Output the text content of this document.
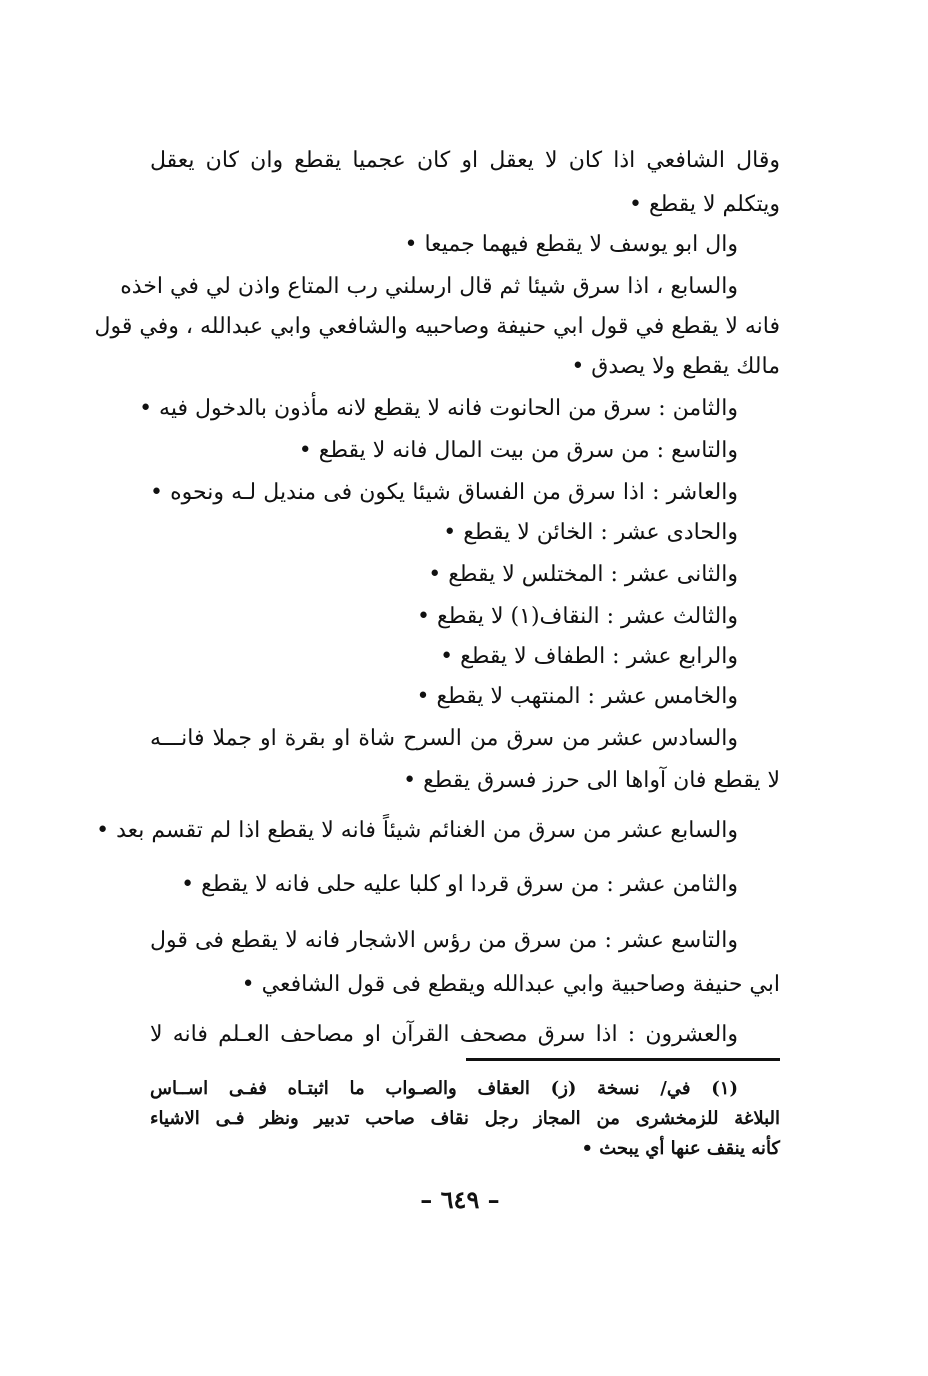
وقال الشافعي اذا كان لا يعقل او كان عجميا يقطع وان كان يعقل
ويتكلم لا يقطع •
وال ابو يوسف لا يقطع فيهما جميعا •
والسابع ، اذا سرق شيئا ثم قال ارسلني رب المتاع واذن لي في اخذه
فانه لا يقطع في قول ابي حنيفة وصاحبيه والشافعي وابي عبدالله ، وفي قول
مالك يقطع ولا يصدق •
والثامن : سرق من الحانوت فانه لا يقطع لانه مأذون بالدخول فيه •
والتاسع : من سرق من بيت المال فانه لا يقطع •
والعاشر : اذا سرق من الفساق شيئا يكون فى منديل لـه ونحوه •
والحادى عشر : الخائن لا يقطع •
والثانى عشر : المختلس لا يقطع •
والثالث عشر : النقاف(١) لا يقطع •
والرابع عشر : الطفاف لا يقطع •
والخامس عشر : المنتهب لا يقطع •
والسادس عشر من سرق من السرح شاة او بقرة او جملا فانـــه
لا يقطع فان آواها الى حرز فسرق يقطع •
والسابع عشر من سرق من الغنائم شيئاً فانه لا يقطع اذا لم تقسم بعد •
والثامن عشر : من سرق قردا او كلبا عليه حلى فانه لا يقطع •
والتاسع عشر : من سرق من رؤس الاشجار فانه لا يقطع فى قول
ابي حنيفة وصاحبية وابي عبدالله ويقطع فى قول الشافعي •
والعشرون : اذا سرق مصحف القرآن او مصاحف العـلم فانه لا
(١) في/ نسخة (ز) العقاف والصـواب ما اثبتـاه ففـى اســاس
البلاغة للزمخشرى من المجاز رجل نقاف صاحب تدبير ونظر فـى الاشياء
كأنه ينقف عنها أي يبحث •
– ٦٤٩ –
